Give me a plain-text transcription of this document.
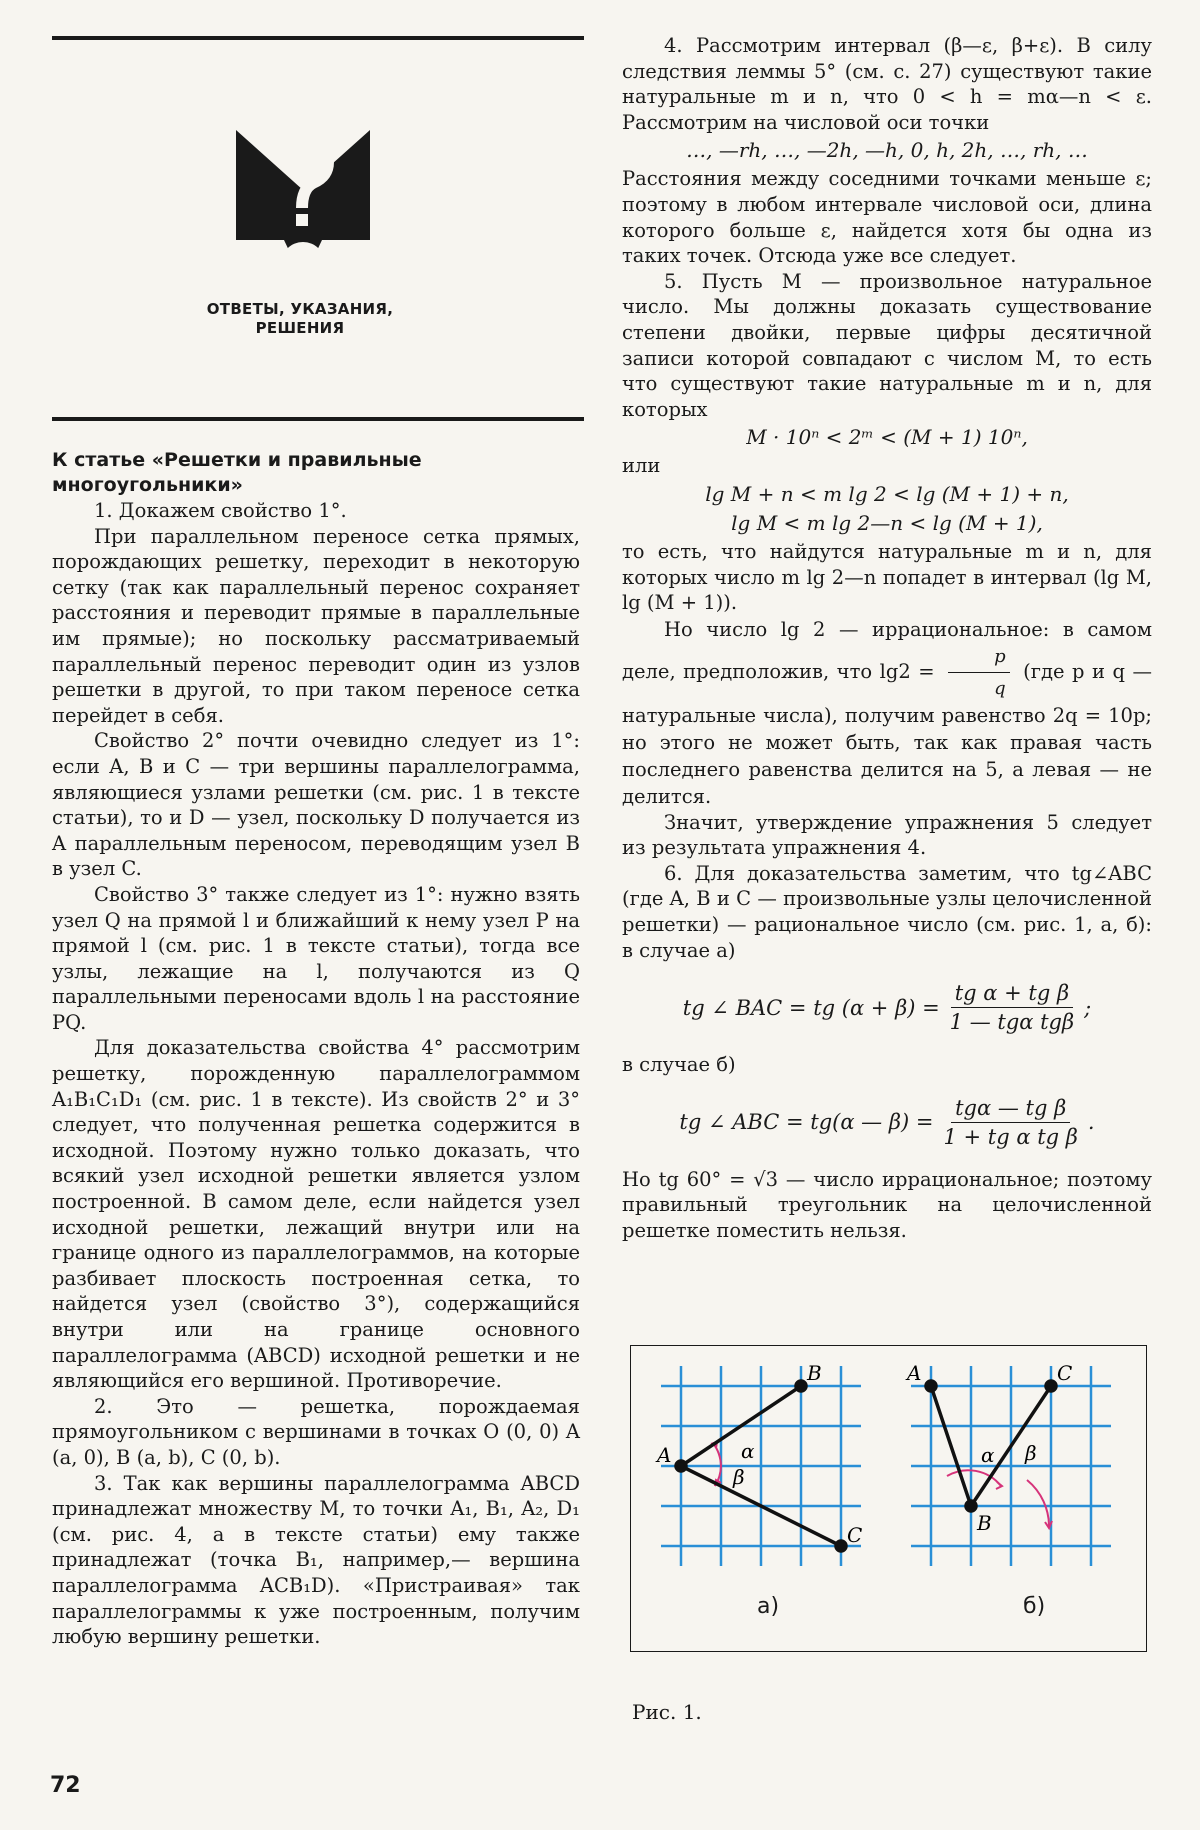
ОТВЕТЫ, УКАЗАНИЯ,
РЕШЕНИЯ

К статье «Решетки и правильные

многоугольники»

1. Докажем свойство 1°.

При параллельном переносе сетка прямых, порождающих решетку, переходит в некоторую сетку (так как параллельный перенос сохраняет расстояния и переводит прямые в параллельные им прямые); но поскольку рассматриваемый параллельный перенос переводит один из узлов решетки в другой, то при таком переносе сетка перейдет в себя.

Свойство 2° почти очевидно следует из 1°: если A, B и C — три вершины параллелограмма, являющиеся узлами решетки (см. рис. 1 в тексте статьи), то и D — узел, поскольку D получается из A параллельным переносом, переводящим узел B в узел C.

Свойство 3° также следует из 1°: нужно взять узел Q на прямой l и ближайший к нему узел P на прямой l (см. рис. 1 в тексте статьи), тогда все узлы, лежащие на l, получаются из Q параллельными переносами вдоль l на расстояние PQ.

Для доказательства свойства 4° рассмотрим решетку, порожденную параллелограммом A₁B₁C₁D₁ (см. рис. 1 в тексте). Из свойств 2° и 3° следует, что полученная решетка содержится в исходной. Поэтому нужно только доказать, что всякий узел исходной решетки является узлом построенной. В самом деле, если найдется узел исходной решетки, лежащий внутри или на границе одного из параллелограммов, на которые разбивает плоскость построенная сетка, то найдется узел (свойство 3°), содержащийся внутри или на границе основного параллелограмма (ABCD) исходной решетки и не являющийся его вершиной. Противоречие.

2. Это — решетка, порождаемая прямоугольником с вершинами в точках O (0, 0) A (a, 0), B (a, b), C (0, b).

3. Так как вершины параллелограмма ABCD принадлежат множеству M, то точки A₁, B₁, A₂, D₁ (см. рис. 4, а в тексте статьи) ему также принадлежат (точка B₁, например,— вершина параллелограмма ACB₁D). «Пристраивая» так параллелограммы к уже построенным, получим любую вершину решетки.

4. Рассмотрим интервал (β—ε, β+ε). В силу следствия леммы 5° (см. с. 27) существуют такие натуральные m и n, что 0 < h = mα—n < ε. Рассмотрим на числовой оси точки

…, —rh, …, —2h, —h, 0, h, 2h, …, rh, …

Расстояния между соседними точками меньше ε; поэтому в любом интервале числовой оси, длина которого больше ε, найдется хотя бы одна из таких точек. Отсюда уже все следует.

5. Пусть M — произвольное натуральное число. Мы должны доказать существование степени двойки, первые цифры десятичной записи которой совпадают с числом M, то есть что существуют такие натуральные m и n, для которых

M · 10ⁿ < 2ᵐ < (M + 1) 10ⁿ,

или

lg M + n < m lg 2 < lg (M + 1) + n,

lg M < m lg 2—n < lg (M + 1),

то есть, что найдутся натуральные m и n, для которых число m lg 2—n попадет в интервал (lg M, lg (M + 1)).

Но число lg 2 — иррациональное: в самом деле, предположив, что $\lg 2 = \frac{p}{q} (где$ p и q — натуральные числа), получим равенство 2q = 10p; но этого не может быть, так как правая часть последнего равенства делится на 5, а левая — не делится.

Значит, утверждение упражнения 5 следует из результата упражнения 4.

6. Для доказательства заметим, что tg∠ABC (где A, B и C — произвольные узлы целочисленной решетки) — рациональное число (см. рис. 1, а, б): в случае а)

tg ∠ BAC = tg $(\alpha + \beta) = \frac{\text{tg α + tg β}}{\text{1 — tgα tgβ}}$ ;

в случае б)

tg ∠ ABC = tg(α — $\beta) = \frac{\text{tgα — tg β}}{\text{1 + tg α tg β}}$ .

Но tg 60° = √3 — число иррациональное; поэтому правильный треугольник на целочисленной решетке поместить нельзя.

A
B
C
α
β
A	C
B
α β
а)	б)
Рис. 1.
72
